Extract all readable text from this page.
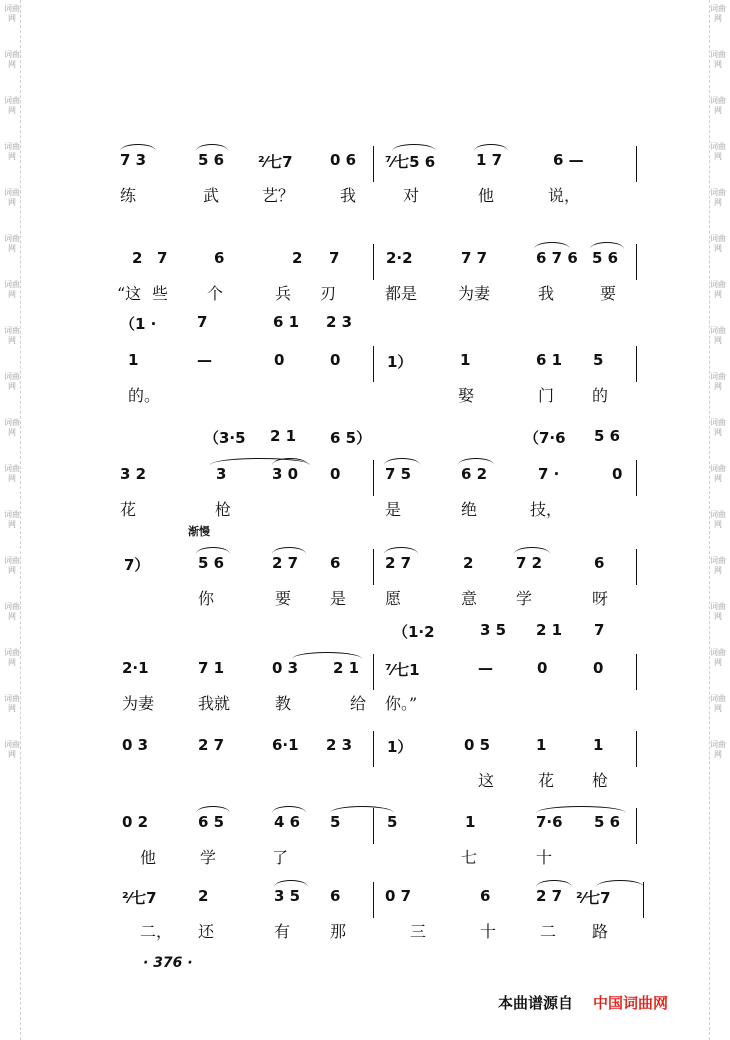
词曲网
词曲网
词曲网
词曲网
词曲网
词曲网
词曲网
词曲网
词曲网
词曲网
词曲网
词曲网
词曲网
词曲网
词曲网
词曲网
词曲网
词曲网
词曲网
词曲网
词曲网
词曲网
词曲网
词曲网
词曲网
词曲网
词曲网
词曲网
词曲网
词曲网
词曲网
词曲网
词曲网
词曲网
7 3	5 6 ²⁄七7 0 6 ⁷⁄七5 6	1 7	6 —
练	武	艺？	我	对	他	说，
2 7	6	2 7	2·2	7 7	6 7 6 5 6
“这 些 个	兵 刃	都是	为妻	我	要
（1 ·	7	6 1 2 3
1	—	0	0	1）	1	6 1 5
的。	娶	门 的
（3·5 2 1 6 5）	（7·6 5 6
3 2	3	3 0 0	7 5	6 2	7 ·	0
花	枪	是	绝	技，
7）	5 6	2 7 6	2 7	2	7 2	6
你	要 是 愿	意 学	呀
（1·2	3 5 2 1 7
2·1	7 1	0 3 2 1 ⁷⁄七1	—	0	0
为妻	我就	教	给 你。”
0 3	2 7	6·1 2 3 1）	0 5	1	1
这	花 枪
0 2	6 5	4 6 5	5	1	7·6 5 6
他	学	了	七	十
²⁄七7	2	3 5 6	0 7	6	2 7 ²⁄七7
二， 还	有 那	三	十	二 路
渐慢
· 376 ·
本曲谱源自 中国词曲网
